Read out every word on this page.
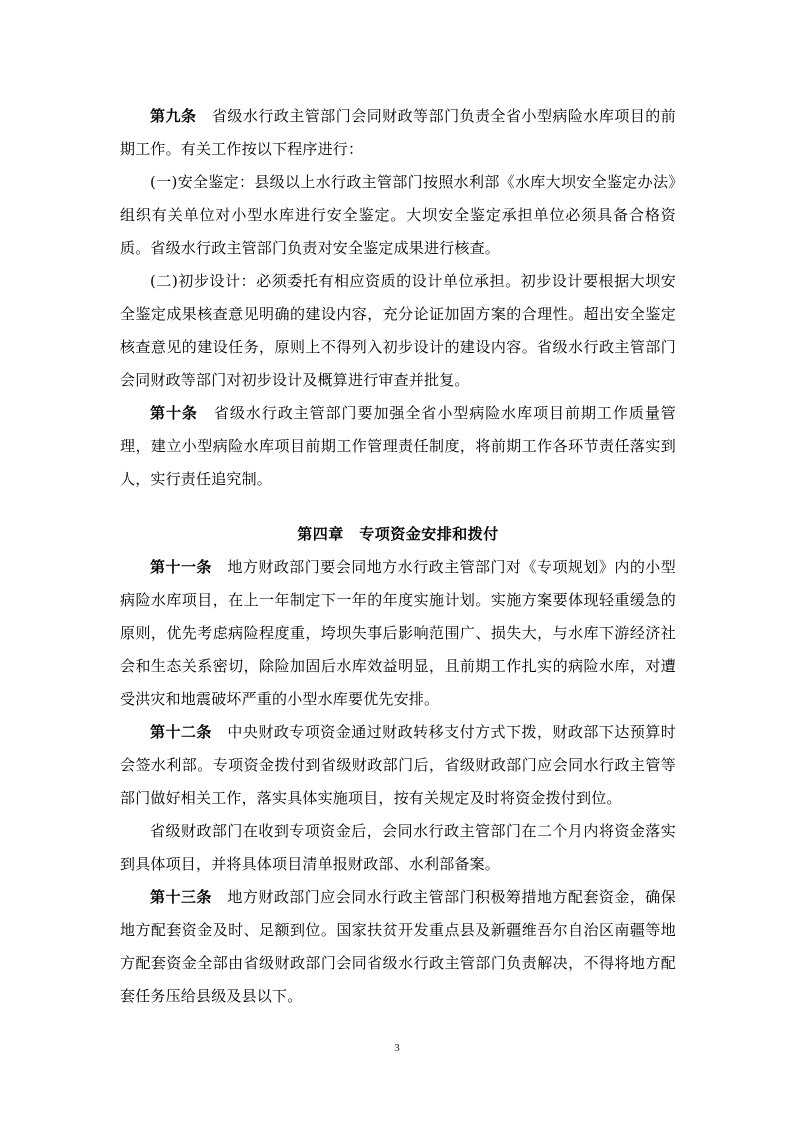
第九条　省级水行政主管部门会同财政等部门负责全省小型病险水库项目的前期工作。有关工作按以下程序进行：

(一)安全鉴定：县级以上水行政主管部门按照水利部《水库大坝安全鉴定办法》组织有关单位对小型水库进行安全鉴定。大坝安全鉴定承担单位必须具备合格资质。省级水行政主管部门负责对安全鉴定成果进行核查。

(二)初步设计：必须委托有相应资质的设计单位承担。初步设计要根据大坝安全鉴定成果核查意见明确的建设内容，充分论证加固方案的合理性。超出安全鉴定核查意见的建设任务，原则上不得列入初步设计的建设内容。省级水行政主管部门会同财政等部门对初步设计及概算进行审查并批复。

第十条　省级水行政主管部门要加强全省小型病险水库项目前期工作质量管理，建立小型病险水库项目前期工作管理责任制度，将前期工作各环节责任落实到人，实行责任追究制。

第四章　专项资金安排和拨付

第十一条　地方财政部门要会同地方水行政主管部门对《专项规划》内的小型病险水库项目，在上一年制定下一年的年度实施计划。实施方案要体现轻重缓急的原则，优先考虑病险程度重，垮坝失事后影响范围广、损失大，与水库下游经济社会和生态关系密切，除险加固后水库效益明显，且前期工作扎实的病险水库，对遭受洪灾和地震破坏严重的小型水库要优先安排。

第十二条　中央财政专项资金通过财政转移支付方式下拨，财政部下达预算时会签水利部。专项资金拨付到省级财政部门后，省级财政部门应会同水行政主管等部门做好相关工作，落实具体实施项目，按有关规定及时将资金拨付到位。

省级财政部门在收到专项资金后，会同水行政主管部门在二个月内将资金落实到具体项目，并将具体项目清单报财政部、水利部备案。

第十三条　地方财政部门应会同水行政主管部门积极筹措地方配套资金，确保地方配套资金及时、足额到位。国家扶贫开发重点县及新疆维吾尔自治区南疆等地方配套资金全部由省级财政部门会同省级水行政主管部门负责解决，不得将地方配套任务压给县级及县以下。

3
